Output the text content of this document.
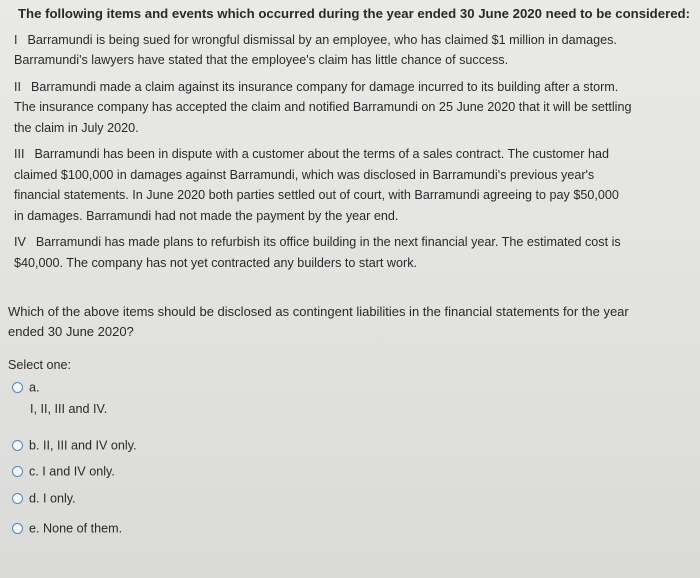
The following items and events which occurred during the year ended 30 June 2020 need to be considered:

I Barramundi is being sued for wrongful dismissal by an employee, who has claimed $1 million in damages.

Barramundi's lawyers have stated that the employee's claim has little chance of success.

II Barramundi made a claim against its insurance company for damage incurred to its building after a storm.

The insurance company has accepted the claim and notified Barramundi on 25 June 2020 that it will be settling

the claim in July 2020.

III Barramundi has been in dispute with a customer about the terms of a sales contract. The customer had

claimed $100,000 in damages against Barramundi, which was disclosed in Barramundi's previous year's

financial statements. In June 2020 both parties settled out of court, with Barramundi agreeing to pay $50,000

in damages. Barramundi had not made the payment by the year end.

IV Barramundi has made plans to refurbish its office building in the next financial year. The estimated cost is

$40,000. The company has not yet contracted any builders to start work.

Which of the above items should be disclosed as contingent liabilities in the financial statements for the year
ended 30 June 2020?
Select one:
a.
I, II, III and IV.
b. II, III and IV only.
c. I and IV only.
d. I only.
e. None of them.
